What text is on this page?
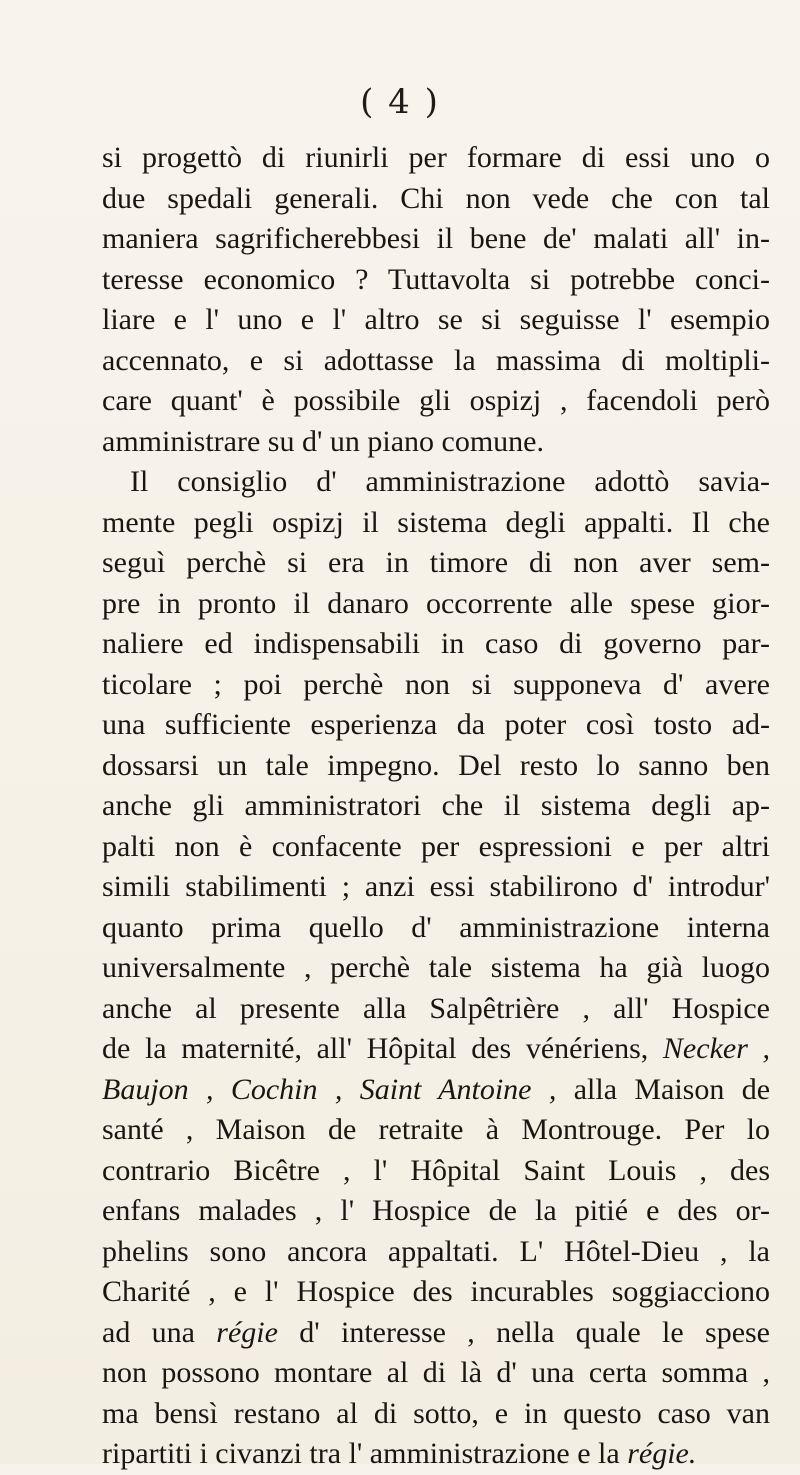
( 4 )
si progettò di riunirli per formare di essi uno o
due spedali generali. Chi non vede che con tal
maniera sagrificherebbesi il bene de' malati all' in-
teresse economico ? Tuttavolta si potrebbe conci-
liare e l' uno e l' altro se si seguisse l' esempio
accennato, e si adottasse la massima di moltipli-
care quant' è possibile gli ospizj , facendoli però
amministrare su d' un piano comune.
Il consiglio d' amministrazione adottò savia-
mente pegli ospizj il sistema degli appalti. Il che
seguì perchè si era in timore di non aver sem-
pre in pronto il danaro occorrente alle spese gior-
naliere ed indispensabili in caso di governo par-
ticolare ; poi perchè non si supponeva d' avere
una sufficiente esperienza da poter così tosto ad-
dossarsi un tale impegno. Del resto lo sanno ben
anche gli amministratori che il sistema degli ap-
palti non è confacente per espressioni e per altri
simili stabilimenti ; anzi essi stabilirono d' introdur'
quanto prima quello d' amministrazione interna
universalmente , perchè tale sistema ha già luogo
anche al presente alla Salpêtrière , all' Hospice
de la maternité, all' Hôpital des vénériens, Necker ,
Baujon , Cochin , Saint Antoine , alla Maison de
santé , Maison de retraite à Montrouge. Per lo
contrario Bicêtre , l' Hôpital Saint Louis , des
enfans malades , l' Hospice de la pitié e des or-
phelins sono ancora appaltati. L' Hôtel-Dieu , la
Charité , e l' Hospice des incurables soggiacciono
ad una régie d' interesse , nella quale le spese
non possono montare al di là d' una certa somma ,
ma bensì restano al di sotto, e in questo caso van
ripartiti i civanzi tra l' amministrazione e la régie.
